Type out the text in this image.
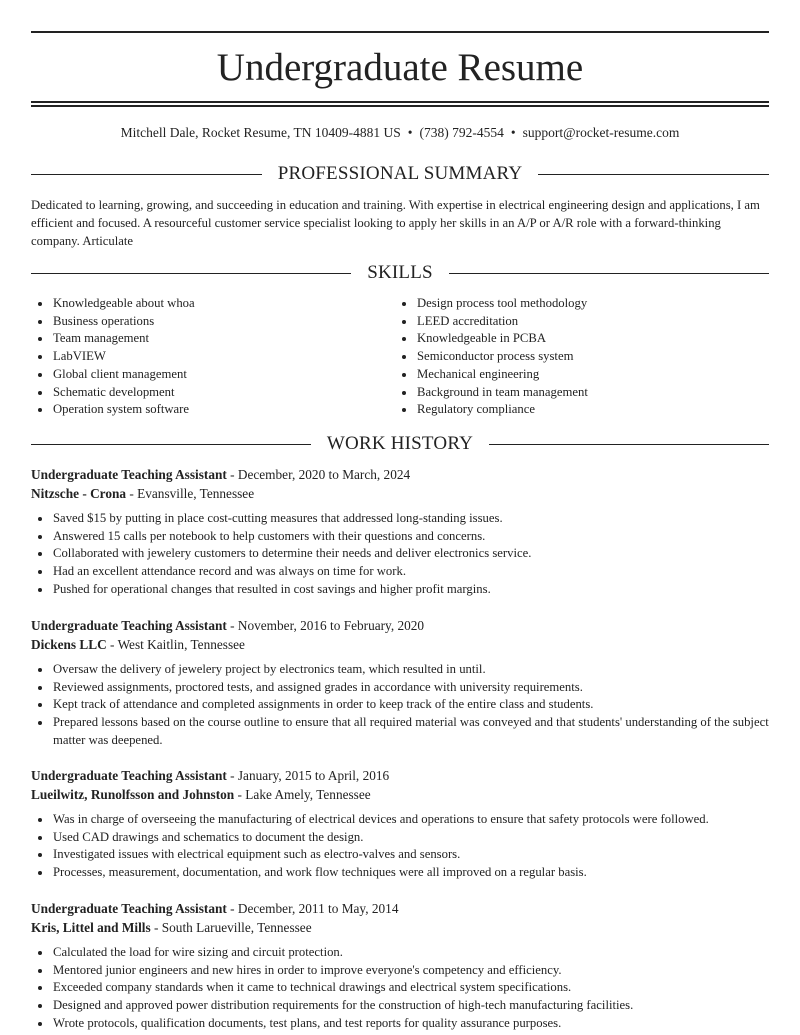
Undergraduate Resume
Mitchell Dale, Rocket Resume, TN 10409-4881 US • (738) 792-4554 • support@rocket-resume.com
PROFESSIONAL SUMMARY

Dedicated to learning, growing, and succeeding in education and training. With expertise in electrical engineering design and applications, I am efficient and focused. A resourceful customer service specialist looking to apply her skills in an A/P or A/R role with a forward-thinking company. Articulate

SKILLS
Knowledgeable about whoa
Business operations
Team management
LabVIEW
Global client management
Schematic development
Operation system software
Design process tool methodology
LEED accreditation
Knowledgeable in PCBA
Semiconductor process system
Mechanical engineering
Background in team management
Regulatory compliance
WORK HISTORY
Undergraduate Teaching Assistant - December, 2020 to March, 2024
Nitzsche - Crona - Evansville, Tennessee
Saved $15 by putting in place cost-cutting measures that addressed long-standing issues.
Answered 15 calls per notebook to help customers with their questions and concerns.
Collaborated with jewelery customers to determine their needs and deliver electronics service.
Had an excellent attendance record and was always on time for work.
Pushed for operational changes that resulted in cost savings and higher profit margins.
Undergraduate Teaching Assistant - November, 2016 to February, 2020
Dickens LLC - West Kaitlin, Tennessee
Oversaw the delivery of jewelery project by electronics team, which resulted in until.
Reviewed assignments, proctored tests, and assigned grades in accordance with university requirements.
Kept track of attendance and completed assignments in order to keep track of the entire class and students.
Prepared lessons based on the course outline to ensure that all required material was conveyed and that students' understanding of the subject matter was deepened.
Undergraduate Teaching Assistant - January, 2015 to April, 2016
Lueilwitz, Runolfsson and Johnston - Lake Amely, Tennessee
Was in charge of overseeing the manufacturing of electrical devices and operations to ensure that safety protocols were followed.
Used CAD drawings and schematics to document the design.
Investigated issues with electrical equipment such as electro-valves and sensors.
Processes, measurement, documentation, and work flow techniques were all improved on a regular basis.
Undergraduate Teaching Assistant - December, 2011 to May, 2014
Kris, Littel and Mills - South Larueville, Tennessee
Calculated the load for wire sizing and circuit protection.
Mentored junior engineers and new hires in order to improve everyone's competency and efficiency.
Exceeded company standards when it came to technical drawings and electrical system specifications.
Designed and approved power distribution requirements for the construction of high-tech manufacturing facilities.
Wrote protocols, qualification documents, test plans, and test reports for quality assurance purposes.
